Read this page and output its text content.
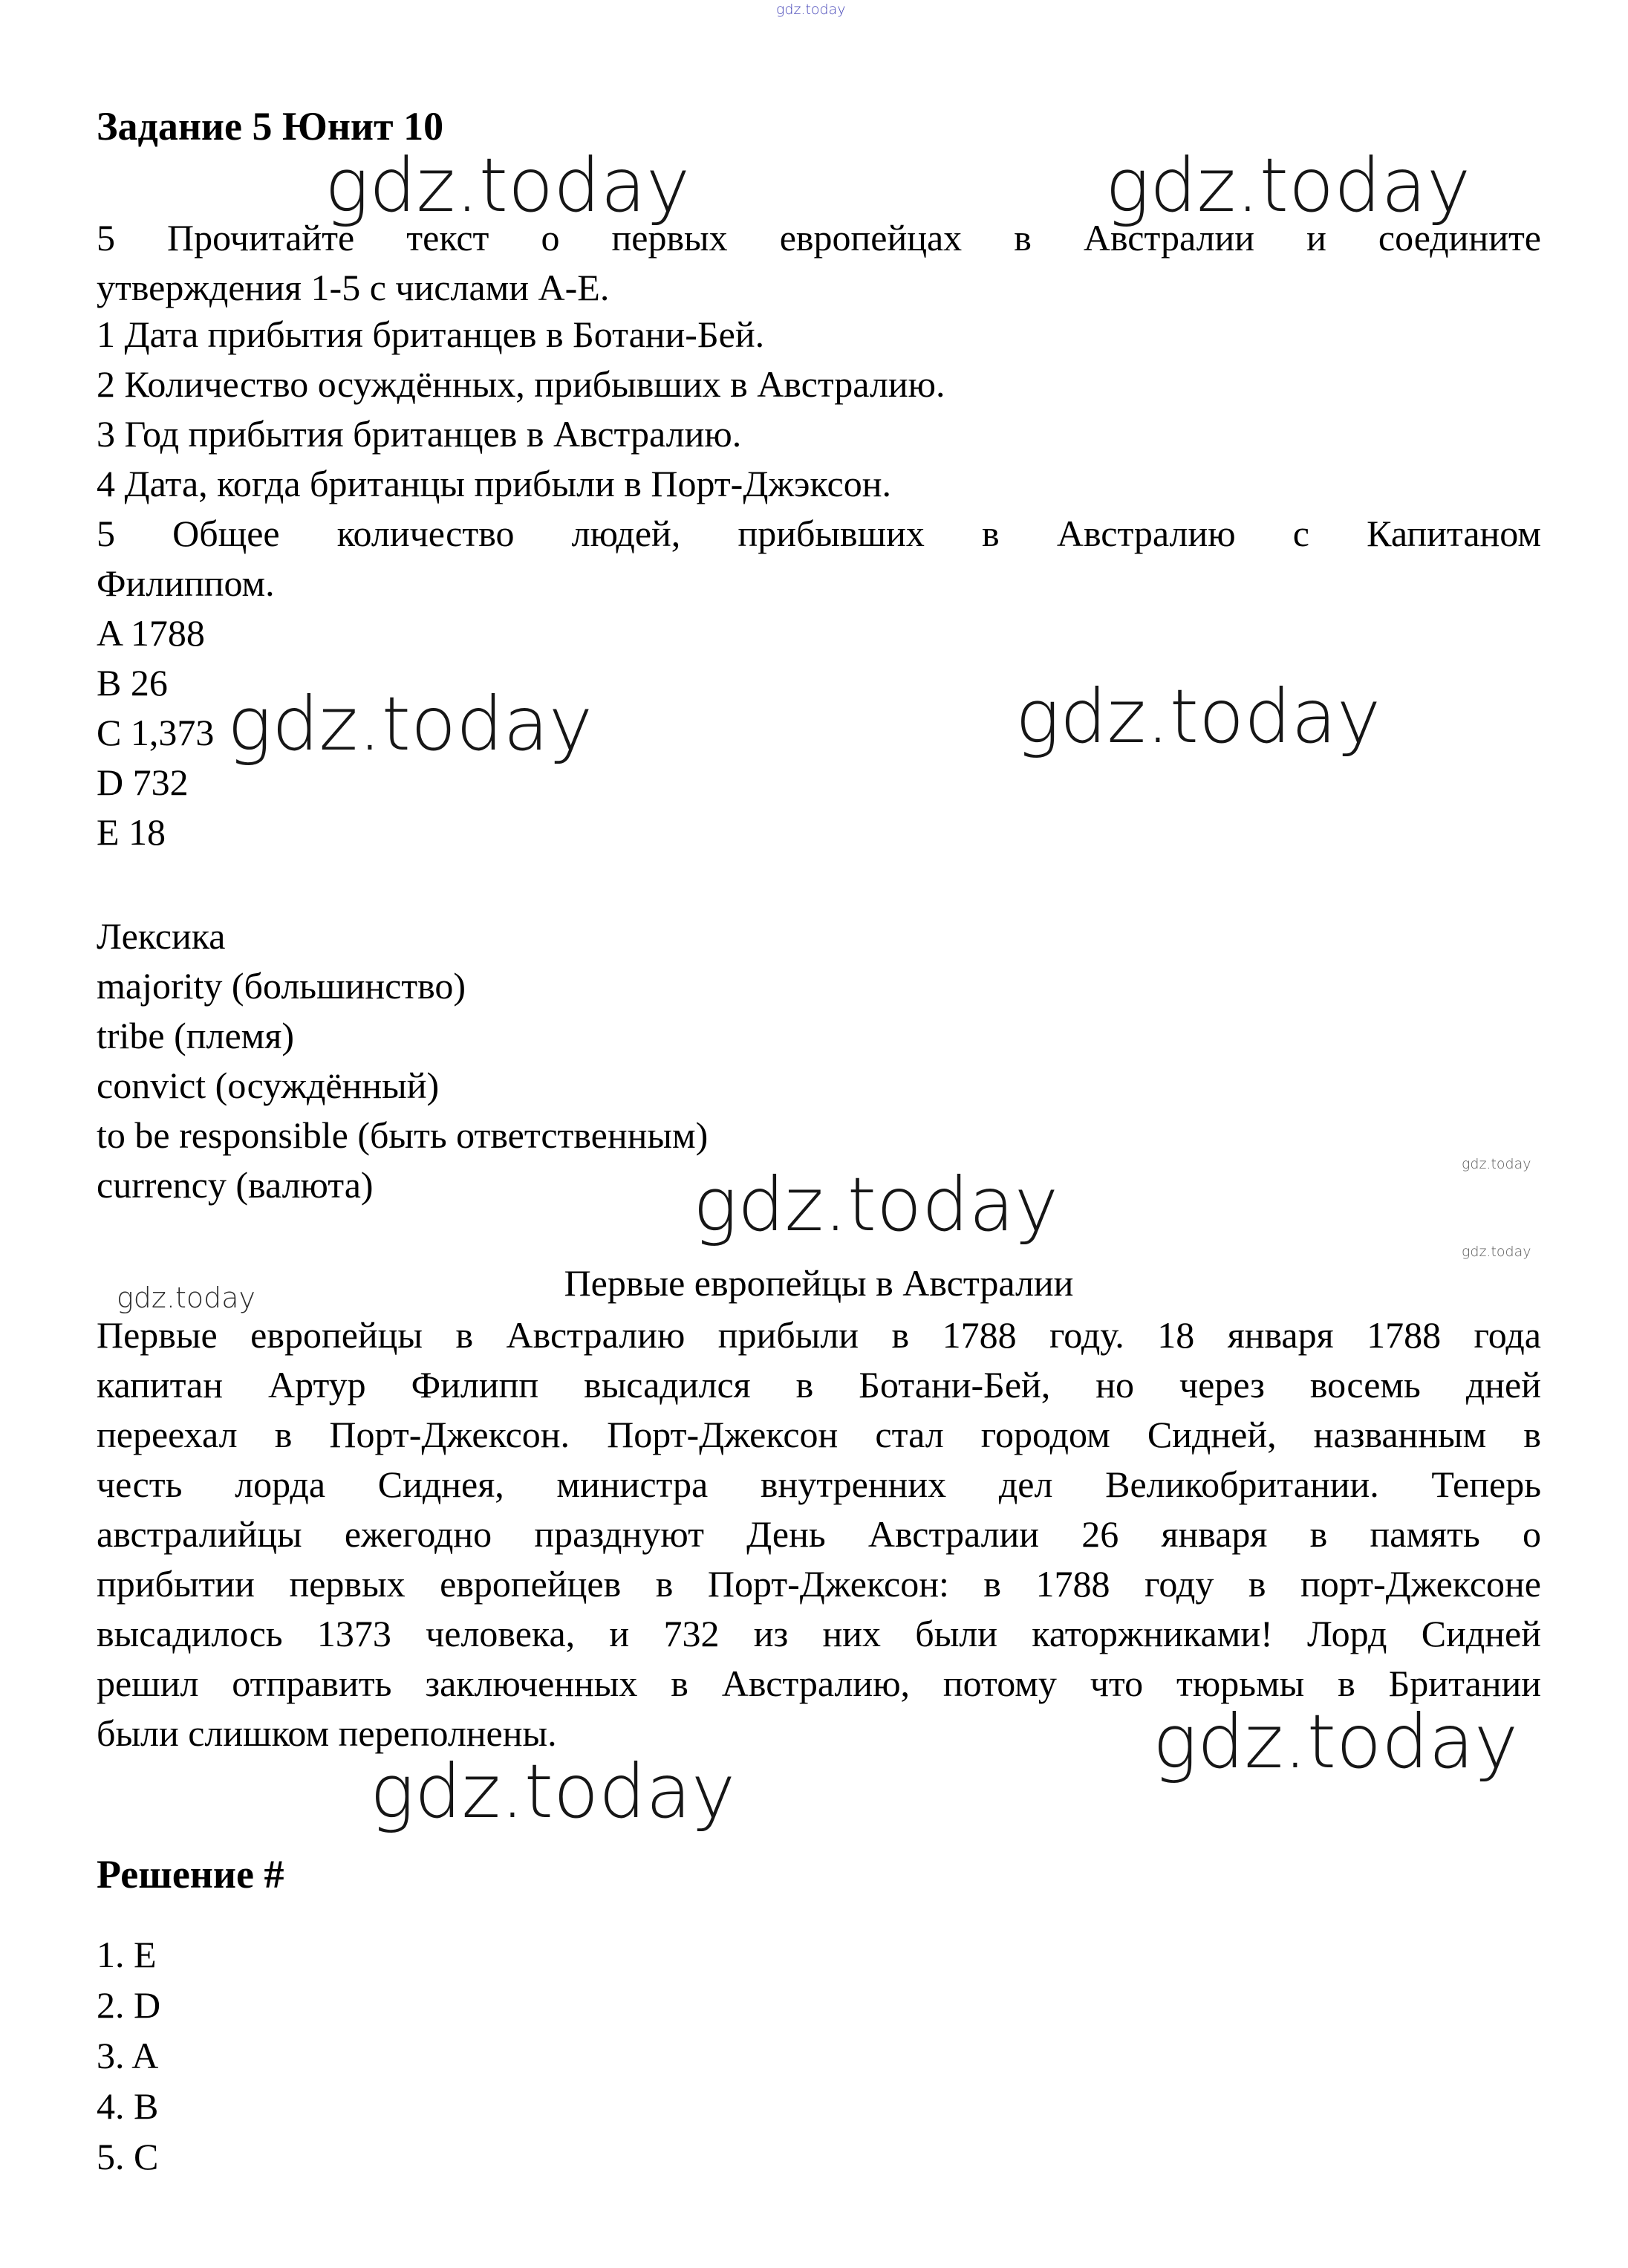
gdz.today
gdz.today	gdz.today
gdz.today	gdz.today
gdz.today	gdz.today
gdz.today
gdz.today
gdz.today
gdz.today
Задание 5 Юнит 10
5 Прочитайте текст о первых европейцах в Австралии и соедините
утверждения 1-5 с числами А-Е.
1 Дата прибытия британцев в Ботани-Бей.
2 Количество осуждённых, прибывших в Австралию.
3 Год прибытия британцев в Австралию.
4 Дата, когда британцы прибыли в Порт-Джэксон.
5 Общее количество людей, прибывших в Австралию с Капитаном
Филиппом.
A 1788
B 26
C 1,373
D 732
E 18
Лексика
majority (большинство)
tribe (племя)
convict (осуждённый)
to be responsible (быть ответственным)
currency (валюта)
Первые европейцы в Австралии
Первые европейцы в Австралию прибыли в 1788 году. 18 января 1788 года
капитан Артур Филипп высадился в Ботани-Бей, но через восемь дней
переехал в Порт-Джексон. Порт-Джексон стал городом Сидней, названным в
честь лорда Сиднея, министра внутренних дел Великобритании. Теперь
австралийцы ежегодно празднуют День Австралии 26 января в память о
прибытии первых европейцев в Порт-Джексон: в 1788 году в порт-Джексоне
высадилось 1373 человека, и 732 из них были каторжниками! Лорд Сидней
решил отправить заключенных в Австралию, потому что тюрьмы в Британии
были слишком переполнены.
Решение #
1. E
2. D
3. A
4. B
5. C
